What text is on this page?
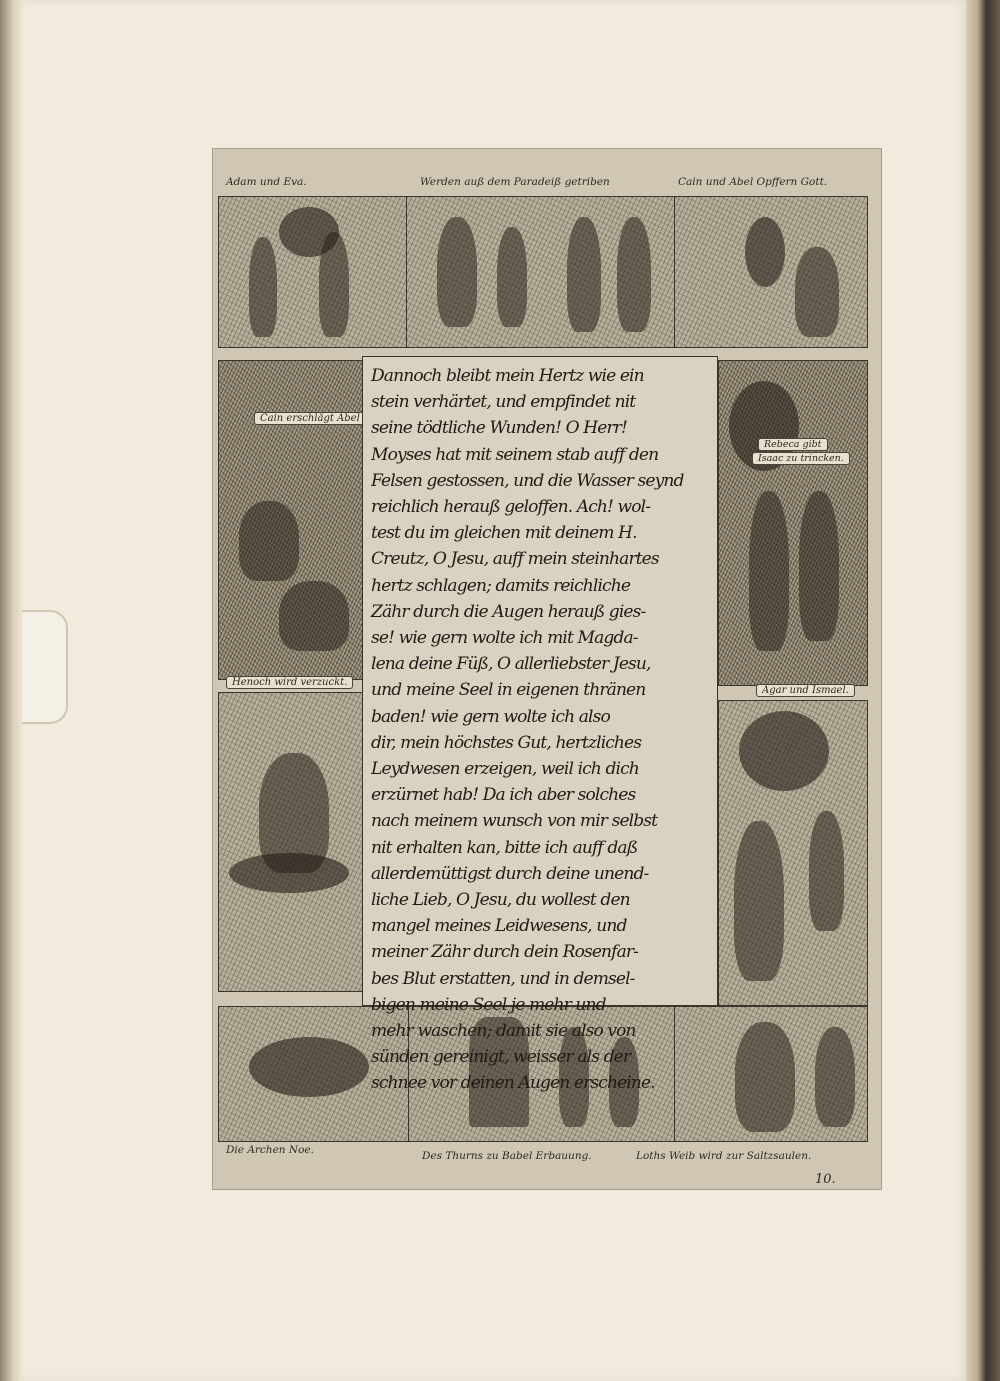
Adam und Eva.	Werden auß dem Paradeiß getriben	Cain und Abel Opffern Gott.
Cain erschlägt Abel
Henoch wird verzuckt.
Rebeca gibt
Isaac zu trincken.
Agar und Ismael.
Die Archen Noe.	Des Thurns zu Babel Erbauung.	Loths Weib wird zur Saltzsaulen.
10.
Dannoch bleibt mein Hertz wie ein
stein verhärtet, und empfindet nit
seine tödtliche Wunden! O Herr!
Moyses hat mit seinem stab auff den
Felsen gestossen, und die Wasser seynd
reichlich herauß geloffen. Ach! wol-
test du im gleichen mit deinem H.
Creutz, O Jesu, auff mein steinhartes
hertz schlagen; damits reichliche
Zähr durch die Augen herauß gies-
se! wie gern wolte ich mit Magda-
lena deine Füß, O allerliebster Jesu,
und meine Seel in eigenen thränen
baden! wie gern wolte ich also
dir, mein höchstes Gut, hertzliches
Leydwesen erzeigen, weil ich dich
erzürnet hab! Da ich aber solches
nach meinem wunsch von mir selbst
nit erhalten kan, bitte ich auff daß
allerdemüttigst durch deine unend-
liche Lieb, O Jesu, du wollest den
mangel meines Leidwesens, und
meiner Zähr durch dein Rosenfar-
bes Blut erstatten, und in demsel-
bigen meine Seel je mehr und
mehr waschen; damit sie also von
sünden gereinigt, weisser als der
schnee vor deinen Augen erscheine.
